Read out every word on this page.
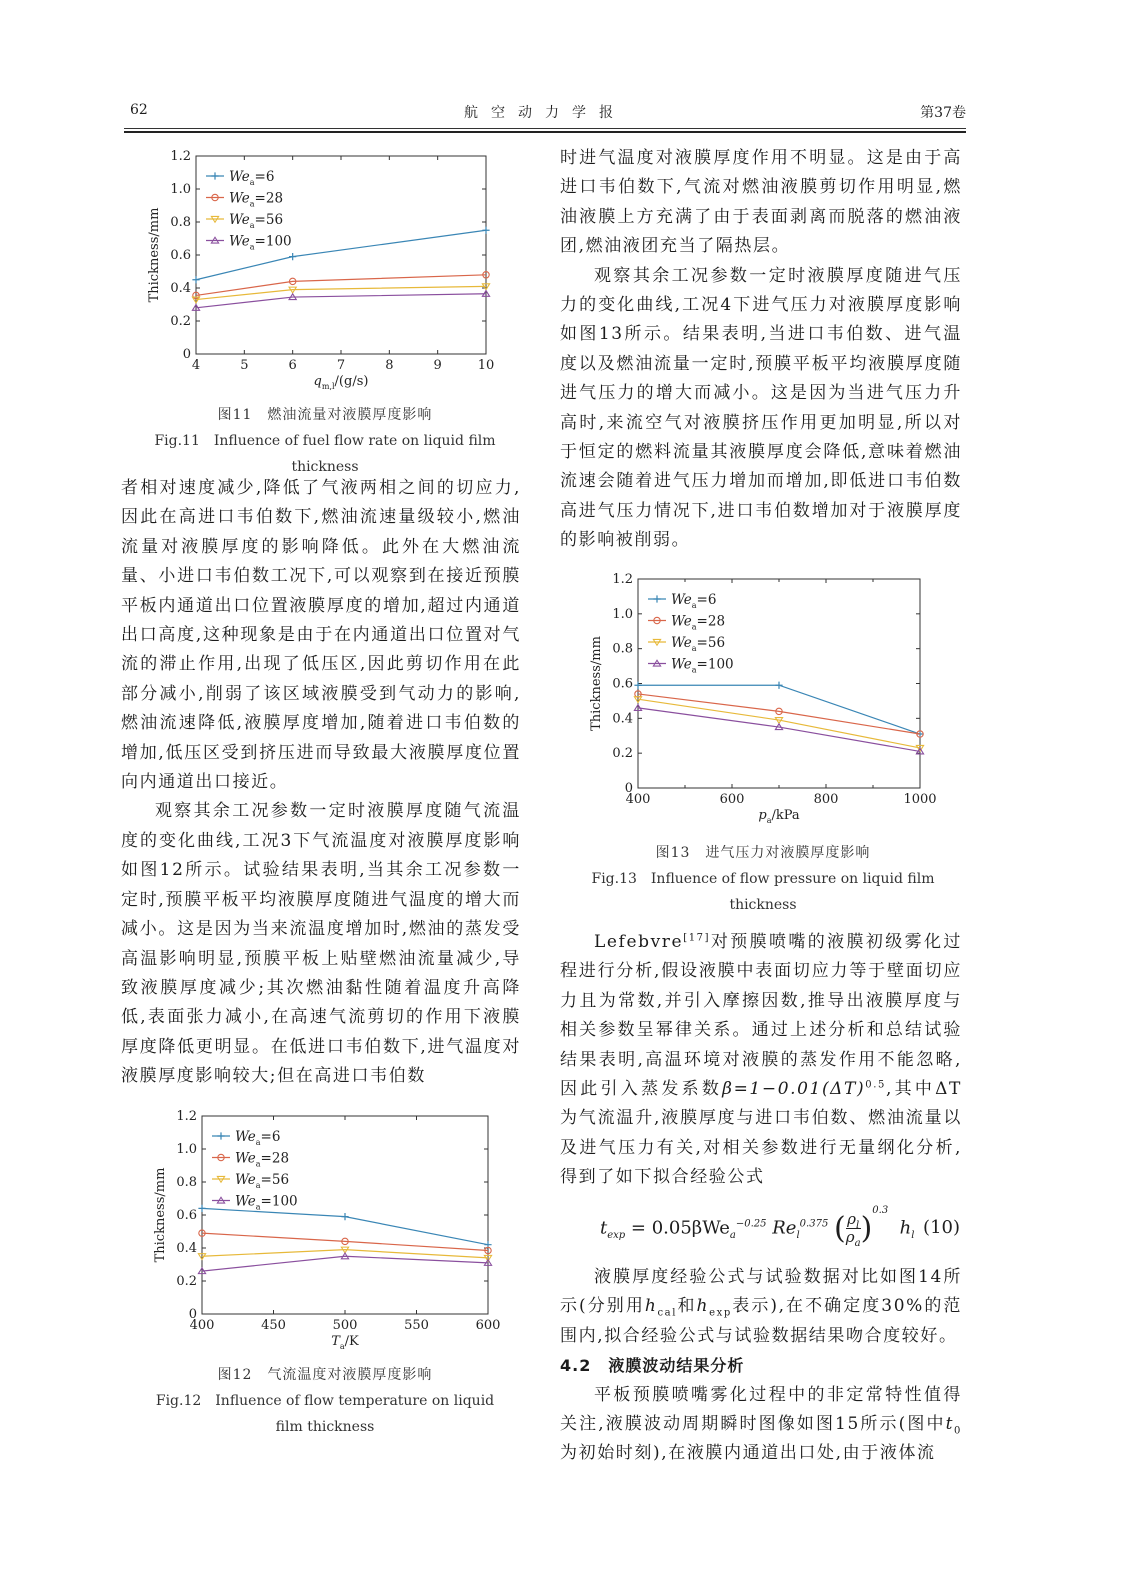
62	航空动力学报	第37卷
0
0.2
0.4
0.6
0.8
1.0
1.2
4	5	6	7	8	9	10
$q_{m,l}/(g/s)$
Thickness/mm
$We_a=6$
$We_a=28$
$We_a=56$
$We_a=100$
图11　燃油流量对液膜厚度影响
Fig.11　Influence of fuel flow rate on liquid film thickness

者相对速度减少,降低了气液两相之间的切应力,因此在高进口韦伯数下,燃油流速量级较小,燃油流量对液膜厚度的影响降低。此外在大燃油流量、小进口韦伯数工况下,可以观察到在接近预膜平板内通道出口位置液膜厚度的增加,超过内通道出口高度,这种现象是由于在内通道出口位置对气流的滞止作用,出现了低压区,因此剪切作用在此部分减小,削弱了该区域液膜受到气动力的影响,燃油流速降低,液膜厚度增加,随着进口韦伯数的增加,低压区受到挤压进而导致最大液膜厚度位置向内通道出口接近。

观察其余工况参数一定时液膜厚度随气流温度的变化曲线,工况3下气流温度对液膜厚度影响如图12所示。试验结果表明,当其余工况参数一定时,预膜平板平均液膜厚度随进气温度的增大而减小。这是因为当来流温度增加时,燃油的蒸发受高温影响明显,预膜平板上贴壁燃油流量减少,导致液膜厚度减少;其次燃油黏性随着温度升高降低,表面张力减小,在高速气流剪切的作用下液膜厚度降低更明显。在低进口韦伯数下,进气温度对液膜厚度影响较大;但在高进口韦伯数

0
0.2
0.4
0.6
0.8
1.0
1.2
400	450	500	550	600
$T_a/K$
Thickness/mm
$We_a=6$
$We_a=28$
$We_a=56$
$We_a=100$
图12　气流温度对液膜厚度影响
Fig.12　Influence of flow temperature on liquid
film thickness

时进气温度对液膜厚度作用不明显。这是由于高进口韦伯数下,气流对燃油液膜剪切作用明显,燃油液膜上方充满了由于表面剥离而脱落的燃油液团,燃油液团充当了隔热层。

观察其余工况参数一定时液膜厚度随进气压力的变化曲线,工况4下进气压力对液膜厚度影响如图13所示。结果表明,当进口韦伯数、进气温度以及燃油流量一定时,预膜平板平均液膜厚度随进气压力的增大而减小。这是因为当进气压力升高时,来流空气对液膜挤压作用更加明显,所以对于恒定的燃料流量其液膜厚度会降低,意味着燃油流速会随着进气压力增加而增加,即低进口韦伯数高进气压力情况下,进口韦伯数增加对于液膜厚度的影响被削弱。

0
0.2
0.4
0.6
0.8
1.0
1.2
400	600	800	1000
$p_a$/kPa
Thickness/mm
$We_a=6$
$We_a=28$
$We_a=56$
$We_a=100$
图13　进气压力对液膜厚度影响
Fig.13　Influence of flow pressure on liquid film thickness

Lefebvre[17]对预膜喷嘴的液膜初级雾化过程进行分析,假设液膜中表面切应力等于壁面切应力且为常数,并引入摩擦因数,推导出液膜厚度与相关参数呈幂律关系。通过上述分析和总结试验结果表明,高温环境对液膜的蒸发作用不能忽略,因此引入蒸发系数$\beta=1-0.01(\Delta T)^{0.5}$,其中ΔT为气流温升,液膜厚度与进口韦伯数、燃油流量以及进气压力有关,对相关参数进行无量纲化分析,得到了如下拟合经验公式

$t_{exp} = 0.05\beta We_a^{-0.25}$ $Re_l^{0.375}$ ( $\frac{\rho_l}{\rho_a} )^{0.3}$  $h_l$ (10)

液膜厚度经验公式与试验数据对比如图14所示(分别用$h_{cal}$和$h_{exp}$表示),在不确定度30%的范围内,拟合经验公式与试验数据结果吻合度较好。

4.2　液膜波动结果分析

平板预膜喷嘴雾化过程中的非定常特性值得关注,液膜波动周期瞬时图像如图15所示(图中$t_0$为初始时刻),在液膜内通道出口处,由于液体流
